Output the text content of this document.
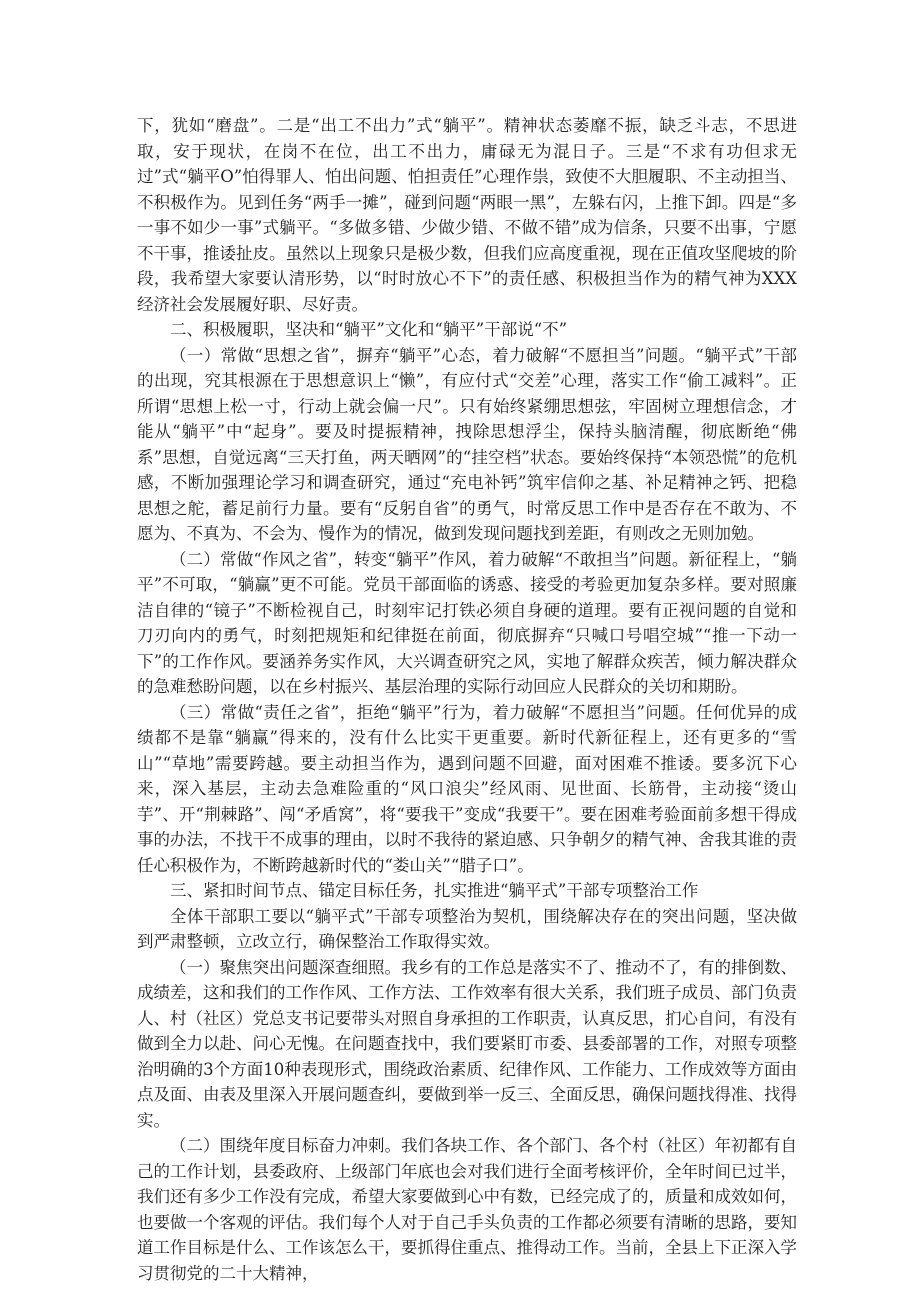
下，犹如“磨盘”。二是“出工不出力”式“躺平”。精神状态萎靡不振，缺乏斗志，不思进取，安于现状，在岗不在位，出工不出力，庸碌无为混日子。三是“不求有功但求无过”式“躺平O”怕得罪人、怕出问题、怕担责任”心理作祟，致使不大胆履职、不主动担当、不积极作为。见到任务“两手一摊”，碰到问题“两眼一黑”，左躲右闪，上推下卸。四是“多一事不如少一事”式躺平。“多做多错、少做少错、不做不错”成为信条，只要不出事，宁愿不干事，推诿扯皮。虽然以上现象只是极少数，但我们应高度重视，现在正值攻坚爬坡的阶段，我希望大家要认清形势，以“时时放心不下”的责任感、积极担当作为的精气神为XXX经济社会发展履好职、尽好责。

二、积极履职，坚决和“躺平”文化和“躺平”干部说“不”

（一）常做“思想之省”，摒弃“躺平”心态，着力破解“不愿担当”问题。“躺平式”干部的出现，究其根源在于思想意识上“懒”，有应付式“交差”心理，落实工作“偷工减料”。正所谓“思想上松一寸，行动上就会偏一尺”。只有始终紧绷思想弦，牢固树立理想信念，才能从“躺平”中“起身”。要及时提振精神，拽除思想浮尘，保持头脑清醒，彻底断绝“佛系”思想，自觉远离“三天打鱼，两天晒网”的“挂空档”状态。要始终保持“本领恐慌”的危机感，不断加强理论学习和调查研究，通过“充电补钙”筑牢信仰之基、补足精神之钙、把稳思想之舵，蓄足前行力量。要有“反躬自省”的勇气，时常反思工作中是否存在不敢为、不愿为、不真为、不会为、慢作为的情况，做到发现问题找到差距，有则改之无则加勉。

（二）常做“作风之省”，转变“躺平”作风，着力破解“不敢担当”问题。新征程上，“躺平”不可取，“躺赢”更不可能。党员干部面临的诱惑、接受的考验更加复杂多样。要对照廉洁自律的“镜子”不断检视自己，时刻牢记打铁必须自身硬的道理。要有正视问题的自觉和刀刃向内的勇气，时刻把规矩和纪律挺在前面，彻底摒弃“只喊口号唱空城”“推一下动一下”的工作作风。要涵养务实作风，大兴调查研究之风，实地了解群众疾苦，倾力解决群众的急难愁盼问题，以在乡村振兴、基层治理的实际行动回应人民群众的关切和期盼。

（三）常做“责任之省”，拒绝“躺平”行为，着力破解“不愿担当”问题。任何优异的成绩都不是靠“躺赢”得来的，没有什么比实干更重要。新时代新征程上，还有更多的“雪山”“草地”需要跨越。要主动担当作为，遇到问题不回避，面对困难不推诿。要多沉下心来，深入基层，主动去急难险重的“风口浪尖”经风雨、见世面、长筋骨，主动接“烫山芋”、开“荆棘路”、闯“矛盾窝”，将“要我干”变成“我要干”。要在困难考验面前多想干得成事的办法，不找干不成事的理由，以时不我待的紧迫感、只争朝夕的精气神、舍我其谁的责任心积极作为，不断跨越新时代的“娄山关”“腊子口”。

三、紧扣时间节点、锚定目标任务，扎实推进“躺平式”干部专项整治工作

全体干部职工要以“躺平式”干部专项整治为契机，围绕解决存在的突出问题，坚决做到严肃整顿，立改立行，确保整治工作取得实效。

（一）聚焦突出问题深查细照。我乡有的工作总是落实不了、推动不了，有的排倒数、成绩差，这和我们的工作作风、工作方法、工作效率有很大关系，我们班子成员、部门负责人、村（社区）党总支书记要带头对照自身承担的工作职责，认真反思，扪心自问，有没有做到全力以赴、问心无愧。在问题查找中，我们要紧盯市委、县委部署的工作，对照专项整治明确的3个方面10种表现形式，围绕政治素质、纪律作风、工作能力、工作成效等方面由点及面、由表及里深入开展问题查纠，要做到举一反三、全面反思，确保问题找得准、找得实。

（二）围绕年度目标奋力冲刺。我们各块工作、各个部门、各个村（社区）年初都有自己的工作计划，县委政府、上级部门年底也会对我们进行全面考核评价，全年时间已过半，我们还有多少工作没有完成，希望大家要做到心中有数，已经完成了的，质量和成效如何，也要做一个客观的评估。我们每个人对于自己手头负责的工作都必须要有清晰的思路，要知道工作目标是什么、工作该怎么干，要抓得住重点、推得动工作。当前，全县上下正深入学习贯彻党的二十大精神，
